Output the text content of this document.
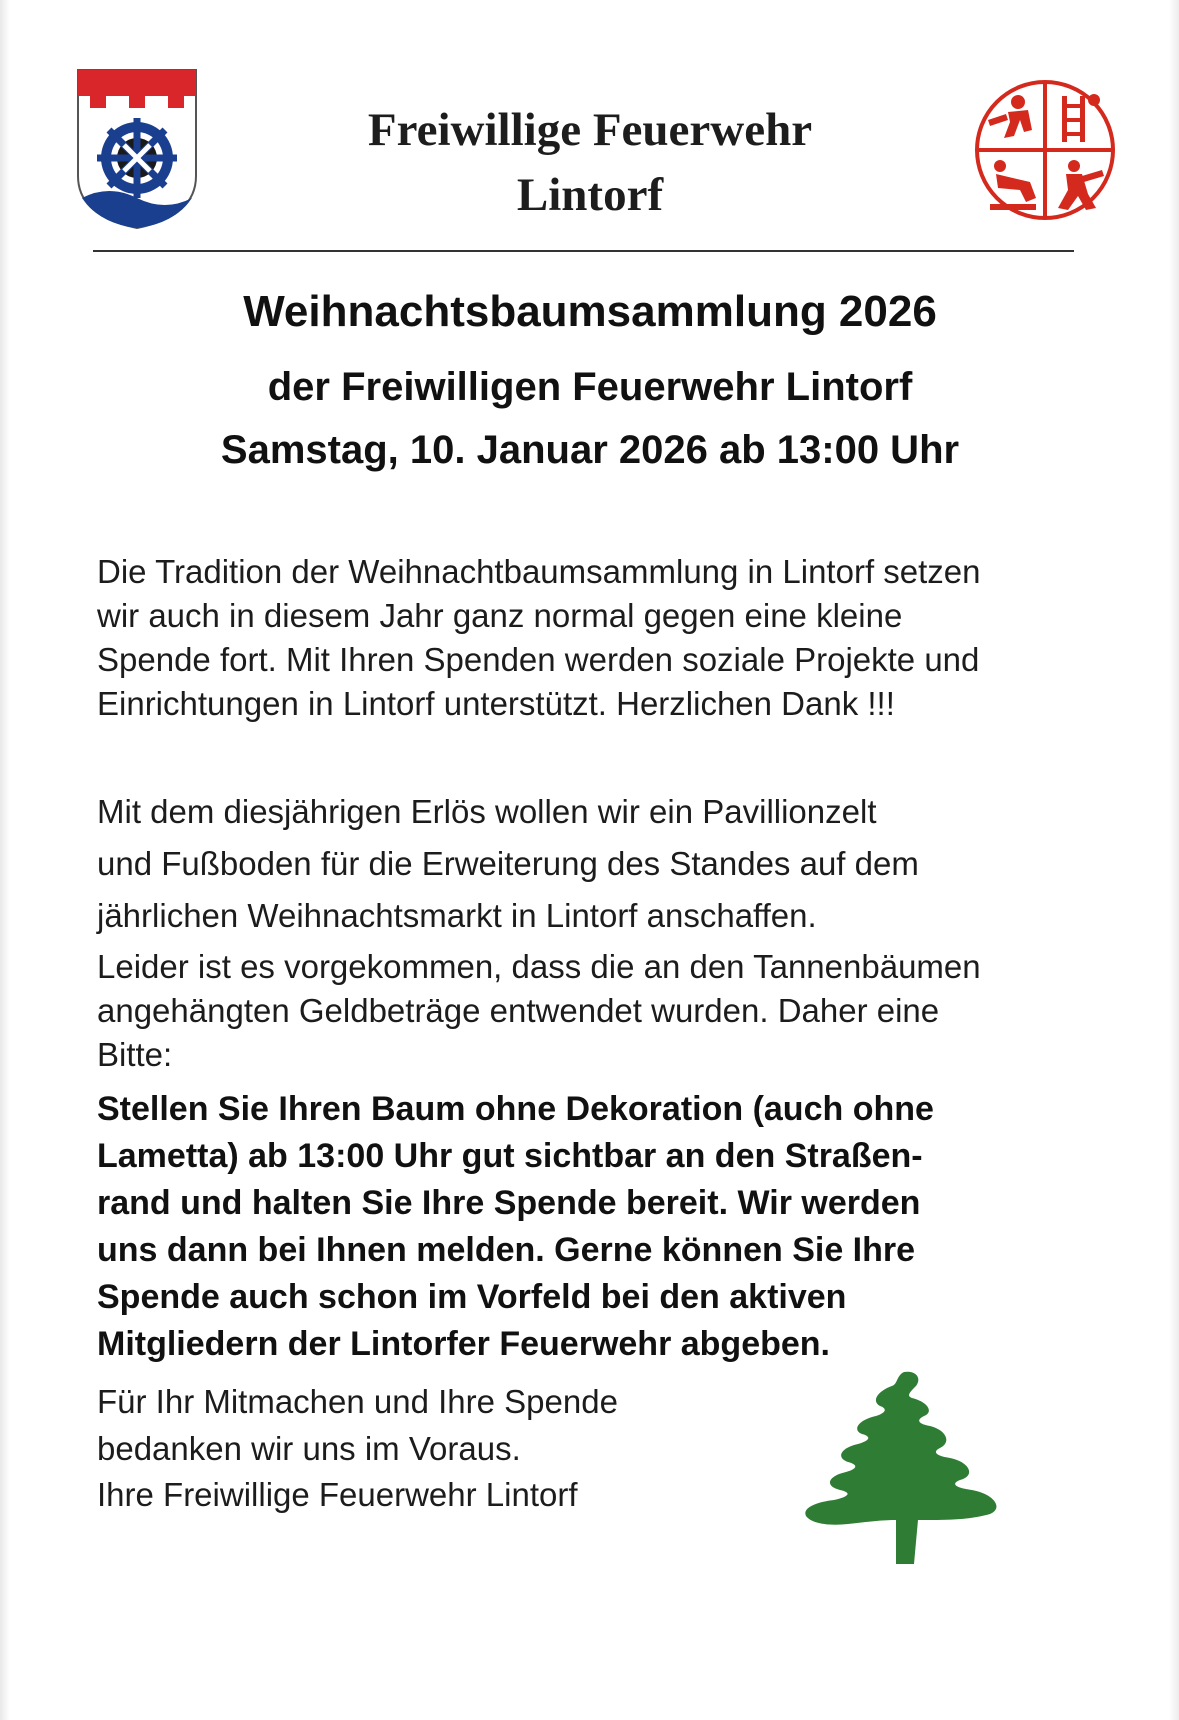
Freiwillige Feuerwehr
Lintorf
Weihnachtsbaumsammlung 2026
der Freiwilligen Feuerwehr Lintorf
Samstag, 10. Januar 2026 ab 13:00 Uhr
Die Tradition der Weihnachtbaumsammlung in Lintorf setzen
wir auch in diesem Jahr ganz normal gegen eine kleine
Spende fort. Mit Ihren Spenden werden soziale Projekte und
Einrichtungen in Lintorf unterstützt. Herzlichen Dank !!!
Mit dem diesjährigen Erlös wollen wir ein Pavillionzelt
und Fußboden für die Erweiterung des Standes auf dem
jährlichen Weihnachtsmarkt in Lintorf anschaffen.
Leider ist es vorgekommen, dass die an den Tannenbäumen
angehängten Geldbeträge entwendet wurden. Daher eine
Bitte:
Stellen Sie Ihren Baum ohne Dekoration (auch ohne
Lametta) ab 13:00 Uhr gut sichtbar an den Straßen-
rand und halten Sie Ihre Spende bereit. Wir werden
uns dann bei Ihnen melden. Gerne können Sie Ihre
Spende auch schon im Vorfeld bei den aktiven
Mitgliedern der Lintorfer Feuerwehr abgeben.
Für Ihr Mitmachen und Ihre Spende
bedanken wir uns im Voraus.
Ihre Freiwillige Feuerwehr Lintorf
